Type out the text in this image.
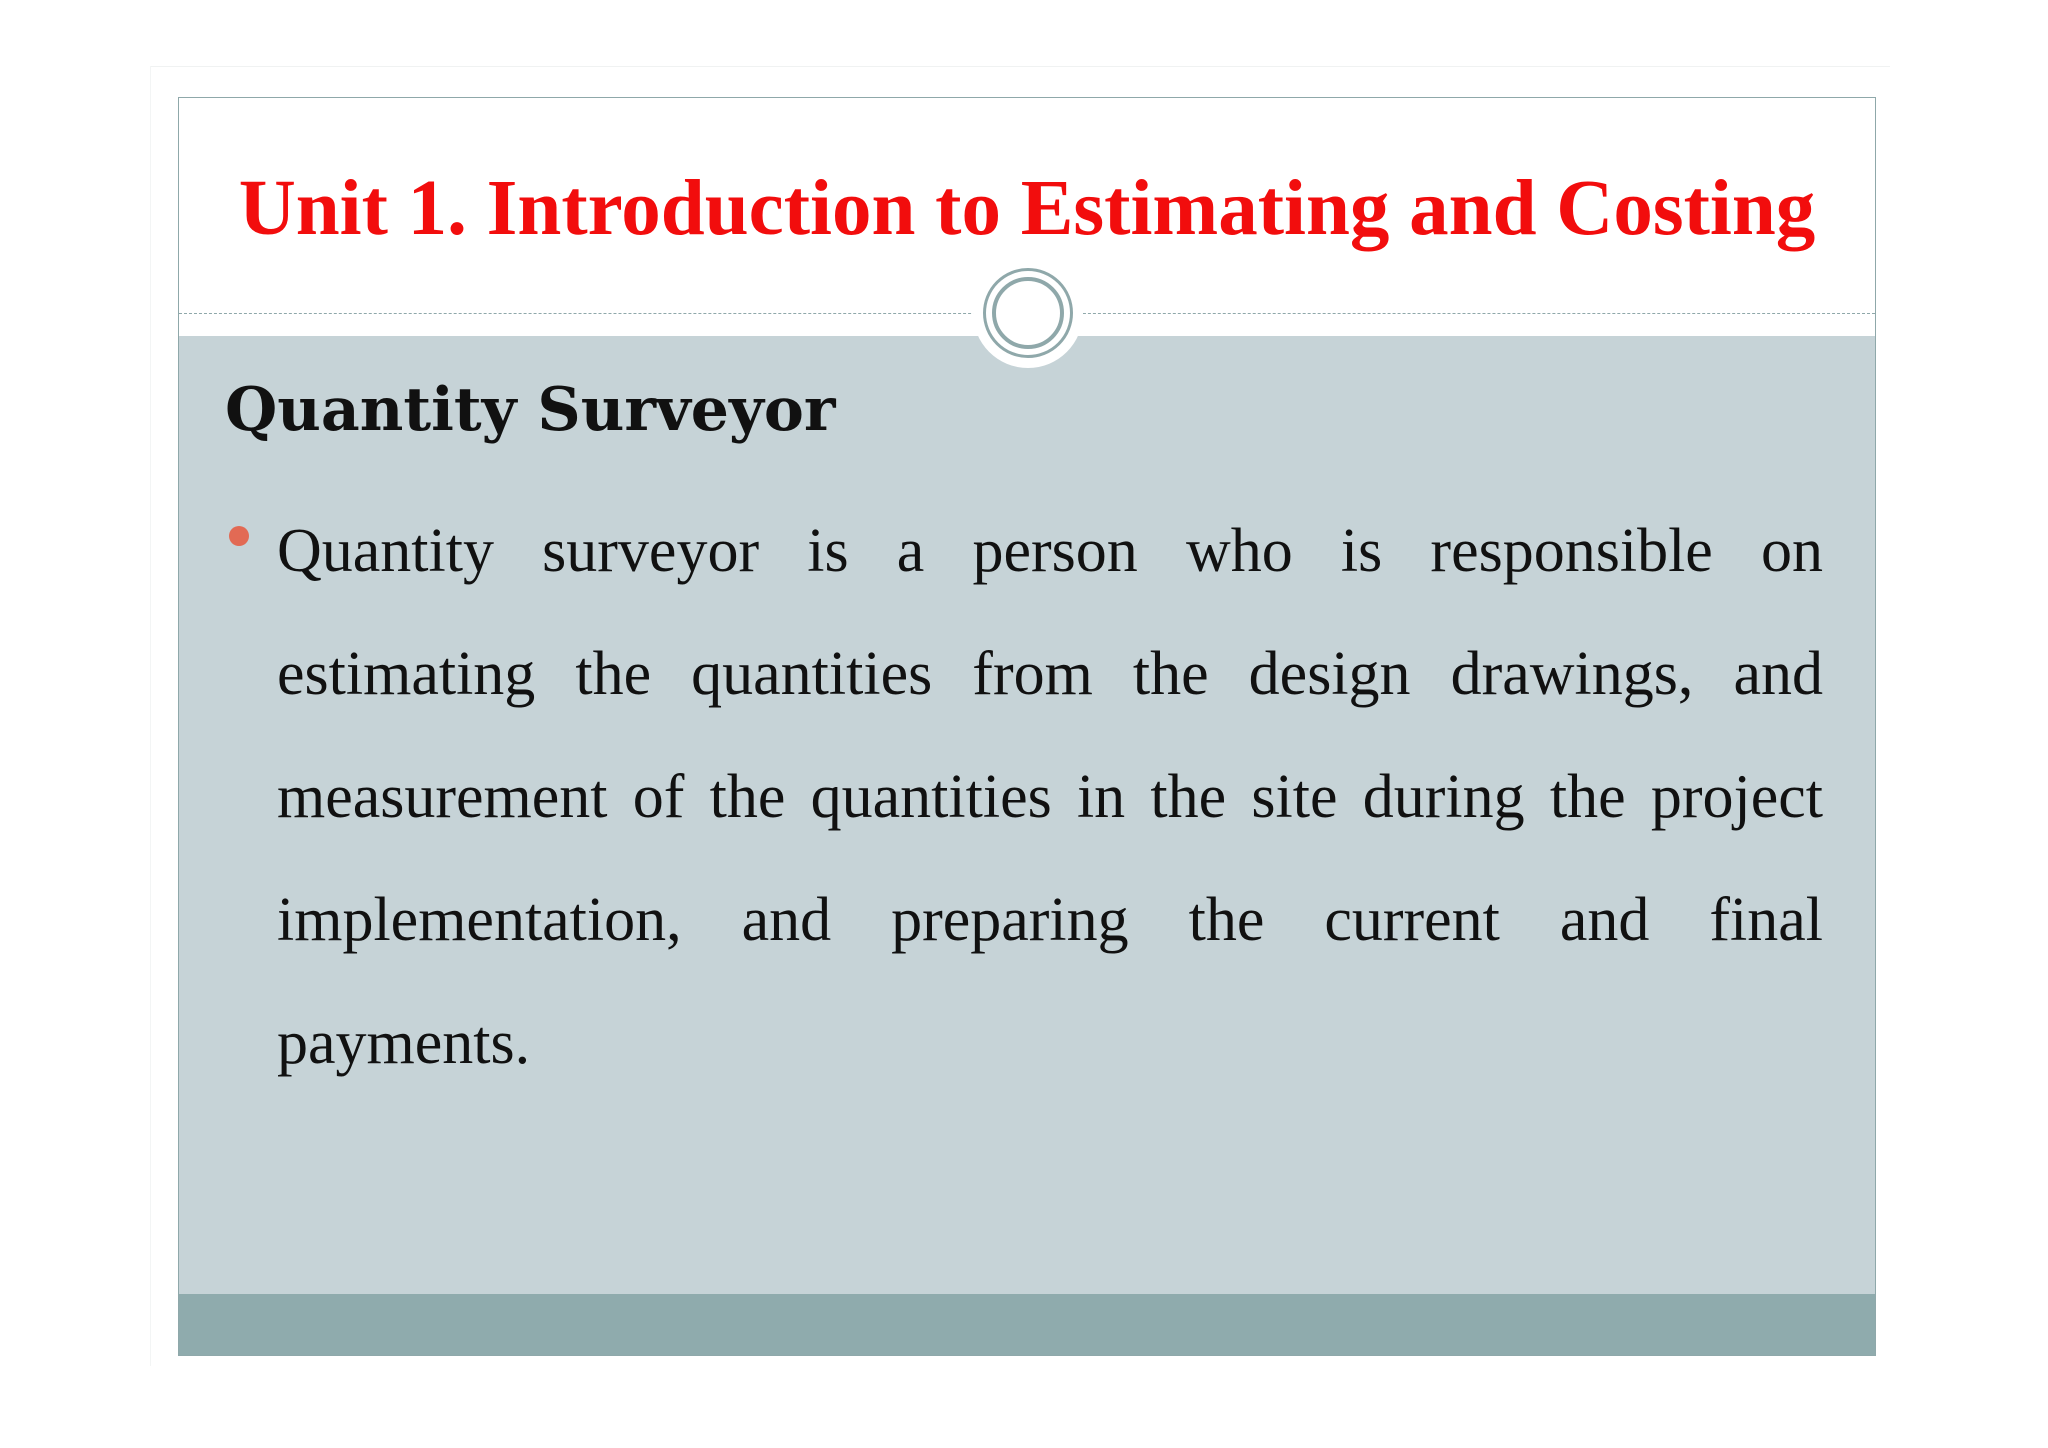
Unit 1. Introduction to Estimating and Costing
Quantity Surveyor

Quantity surveyor is a person who is responsible on estimating the quantities from the design drawings, and measurement of the quantities in the site during the project implementation, and preparing the current and final payments.
